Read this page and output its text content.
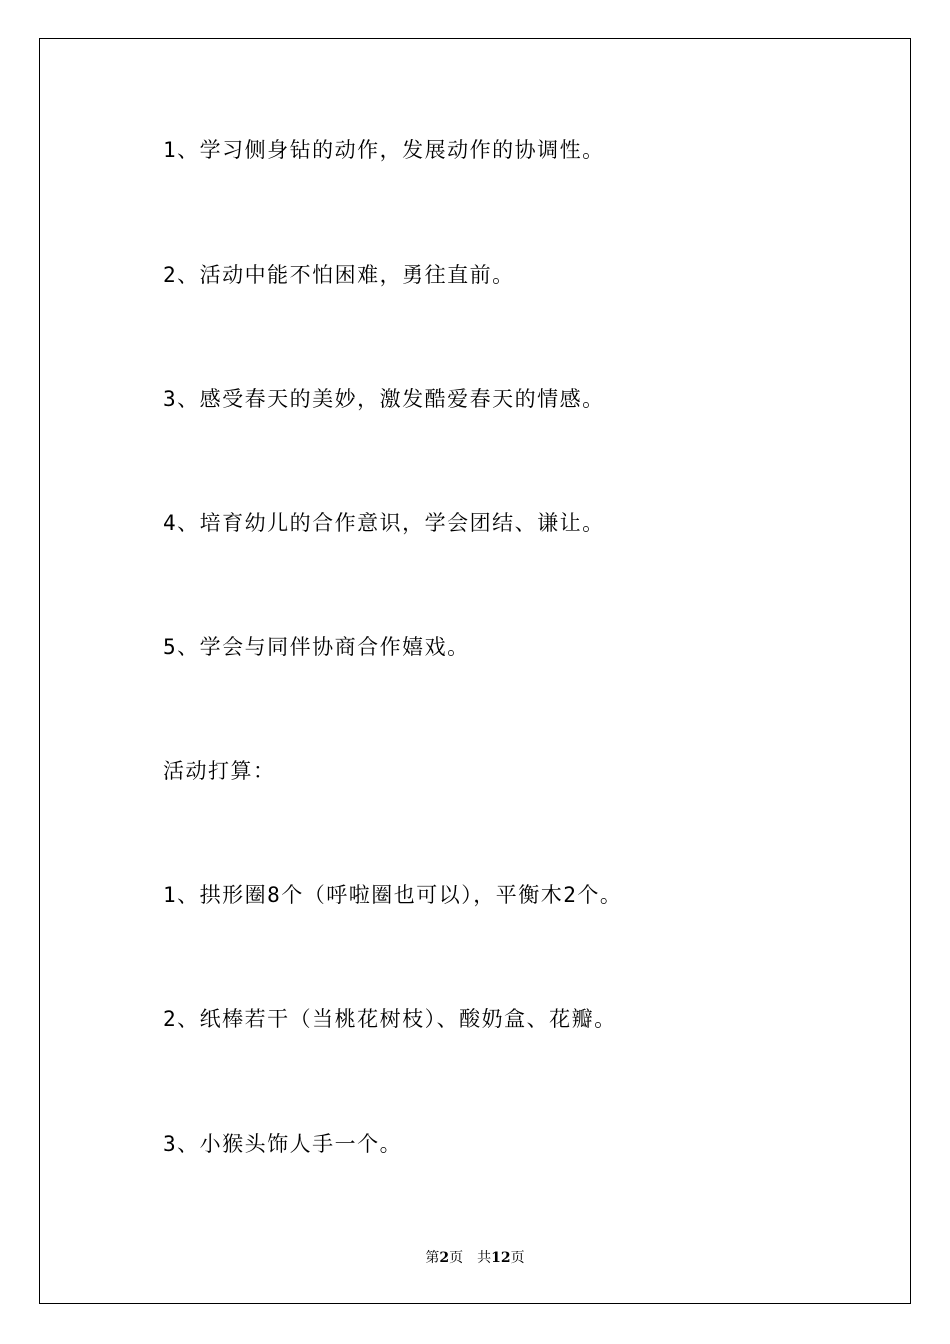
1、学习侧身钻的动作，发展动作的协调性。

2、活动中能不怕困难，勇往直前。

3、感受春天的美妙，激发酷爱春天的情感。

4、培育幼儿的合作意识，学会团结、谦让。

5、学会与同伴协商合作嬉戏。

活动打算：

1、拱形圈8个（呼啦圈也可以），平衡木2个。

2、纸棒若干（当桃花树枝）、酸奶盒、花瓣。

3、小猴头饰人手一个。

第2页 共12页
